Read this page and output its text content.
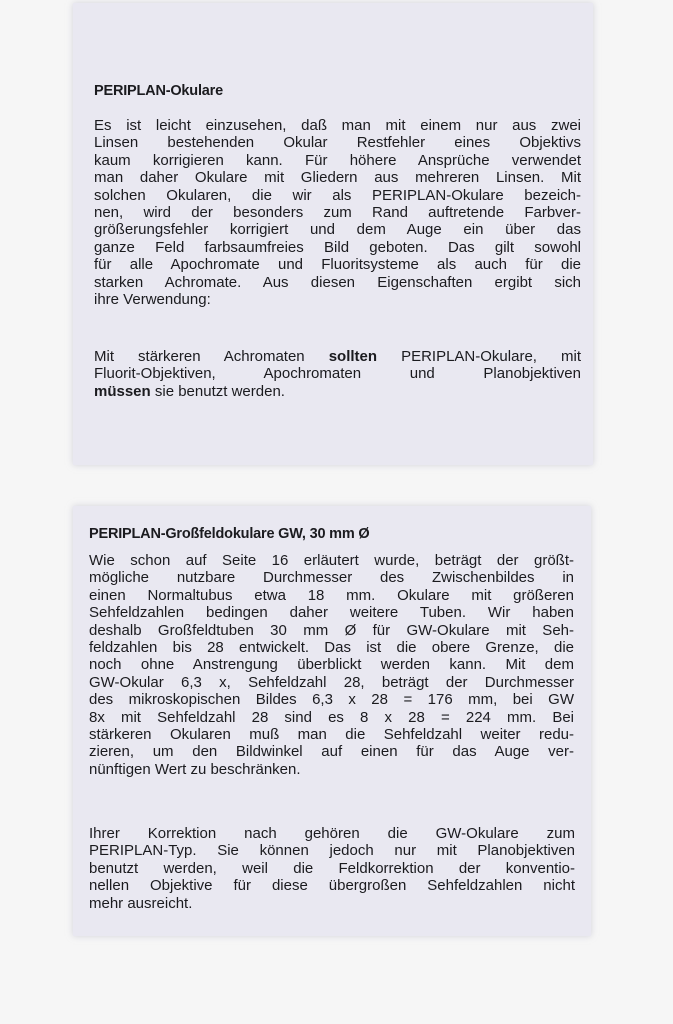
PERIPLAN-Okulare

Es ist leicht einzusehen, daß man mit einem nur aus zwei
Linsen bestehenden Okular Restfehler eines Objektivs
kaum korrigieren kann. Für höhere Ansprüche verwendet
man daher Okulare mit Gliedern aus mehreren Linsen. Mit
solchen Okularen, die wir als PERIPLAN-Okulare bezeich-
nen, wird der besonders zum Rand auftretende Farbver-
größerungsfehler korrigiert und dem Auge ein über das
ganze Feld farbsaumfreies Bild geboten. Das gilt sowohl
für alle Apochromate und Fluoritsysteme als auch für die
starken Achromate. Aus diesen Eigenschaften ergibt sich
ihre Verwendung:

Mit stärkeren Achromaten sollten PERIPLAN-Okulare, mit
Fluorit-Objektiven, Apochromaten und Planobjektiven
müssen sie benutzt werden.

PERIPLAN-Großfeldokulare GW, 30 mm Ø

Wie schon auf Seite 16 erläutert wurde, beträgt der größt-
mögliche nutzbare Durchmesser des Zwischenbildes in
einen Normaltubus etwa 18 mm. Okulare mit größeren
Sehfeldzahlen bedingen daher weitere Tuben. Wir haben
deshalb Großfeldtuben 30 mm Ø für GW-Okulare mit Seh-
feldzahlen bis 28 entwickelt. Das ist die obere Grenze, die
noch ohne Anstrengung überblickt werden kann. Mit dem
GW-Okular 6,3 x, Sehfeldzahl 28, beträgt der Durchmesser
des mikroskopischen Bildes 6,3 x 28 = 176 mm, bei GW
8x mit Sehfeldzahl 28 sind es 8 x 28 = 224 mm. Bei
stärkeren Okularen muß man die Sehfeldzahl weiter redu-
zieren, um den Bildwinkel auf einen für das Auge ver-
nünftigen Wert zu beschränken.

Ihrer Korrektion nach gehören die GW-Okulare zum
PERIPLAN-Typ. Sie können jedoch nur mit Planobjektiven
benutzt werden, weil die Feldkorrektion der konventio-
nellen Objektive für diese übergroßen Sehfeldzahlen nicht
mehr ausreicht.
